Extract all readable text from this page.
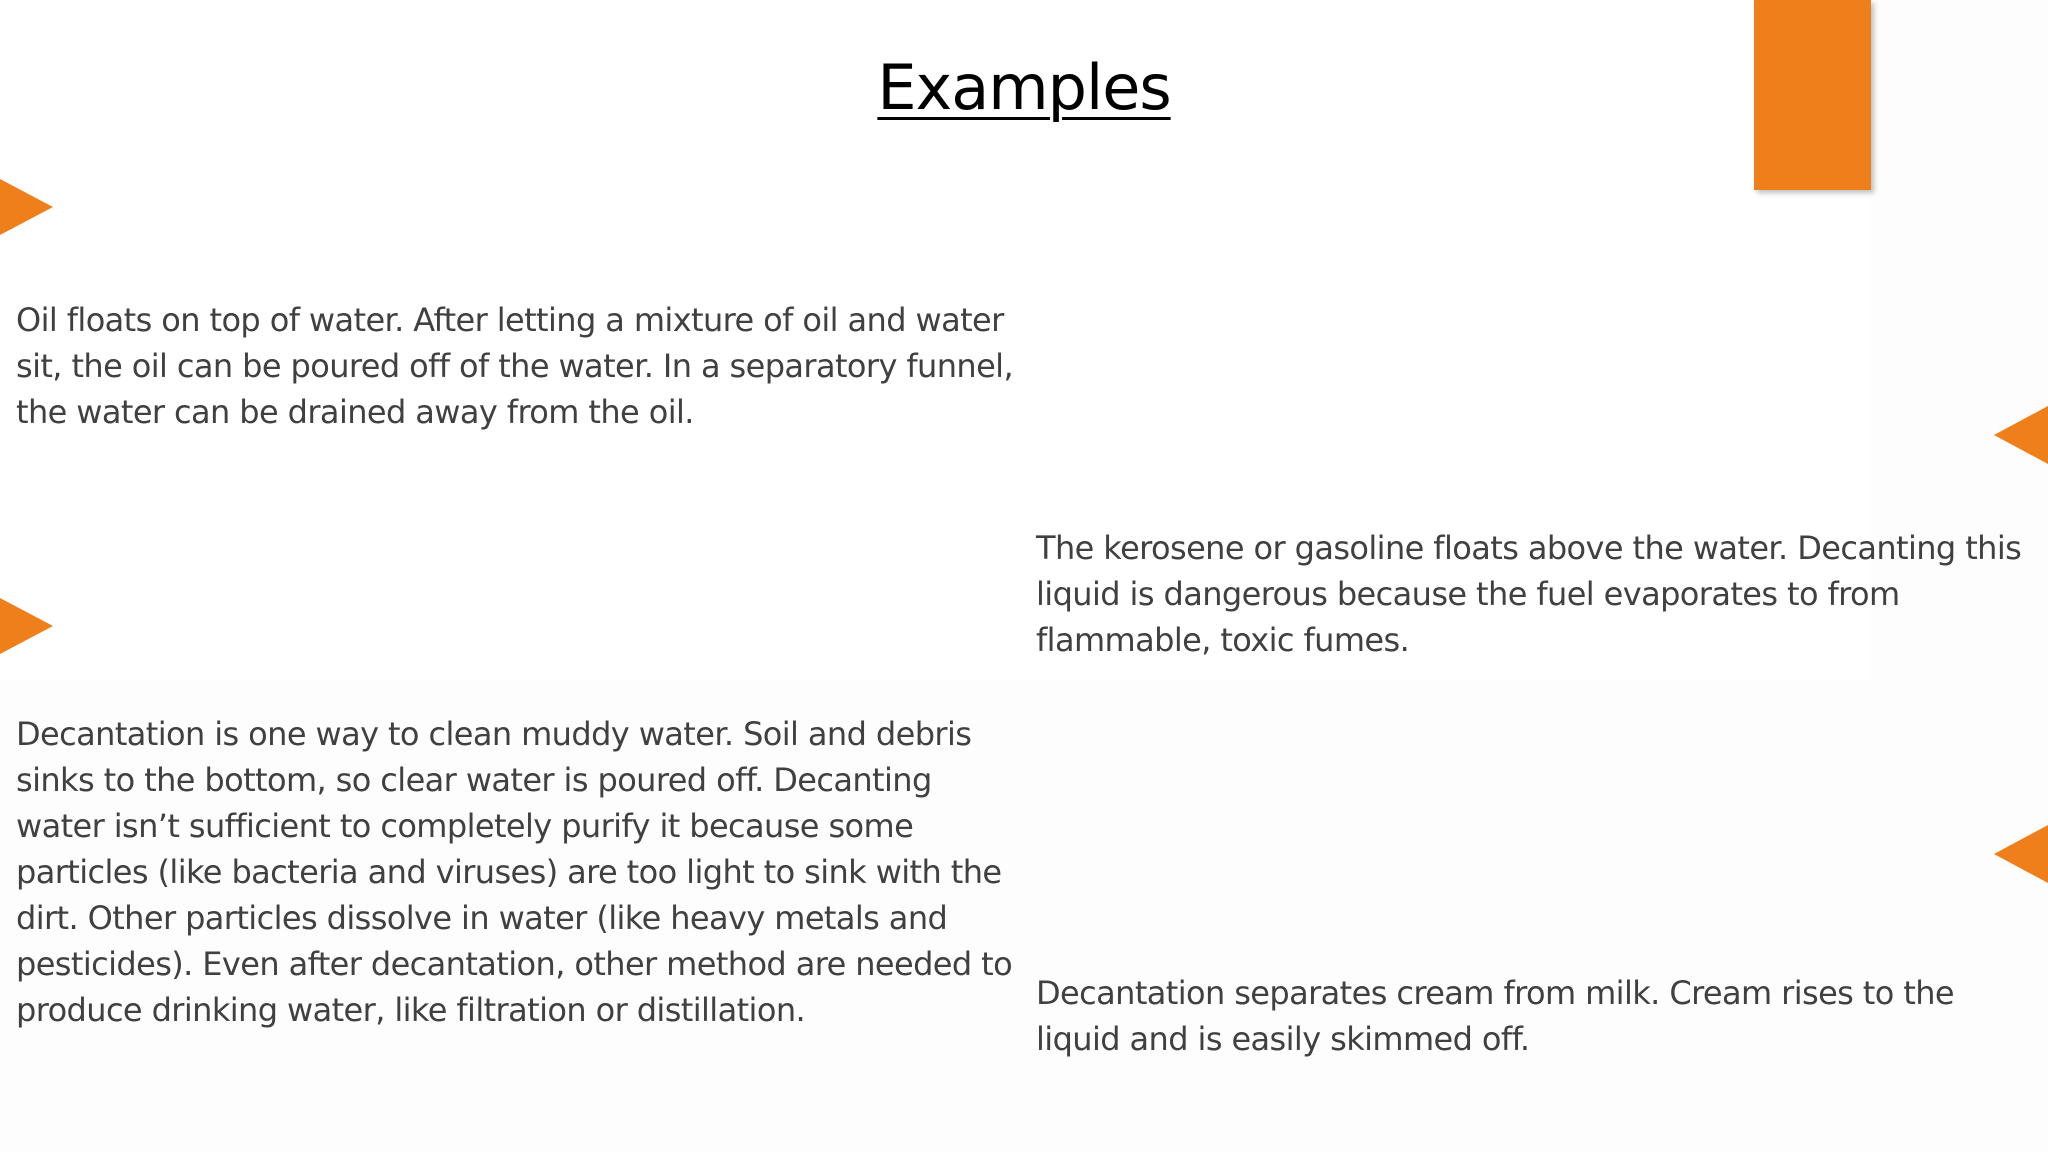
Examples

Oil floats on top of water. After letting a mixture of oil and water sit, the oil can be poured off of the water. In a separatory funnel, the water can be drained away from the oil.

The kerosene or gasoline floats above the water. Decanting this liquid is dangerous because the fuel evaporates to from flammable, toxic fumes.

Decantation is one way to clean muddy water. Soil and debris sinks to the bottom, so clear water is poured off. Decanting water isn’t sufficient to completely purify it because some particles (like bacteria and viruses) are too light to sink with the dirt. Other particles dissolve in water (like heavy metals and pesticides). Even after decantation, other method are needed to produce drinking water, like filtration or distillation.	Decantation separates cream from milk. Cream rises to the liquid and is easily skimmed off.
